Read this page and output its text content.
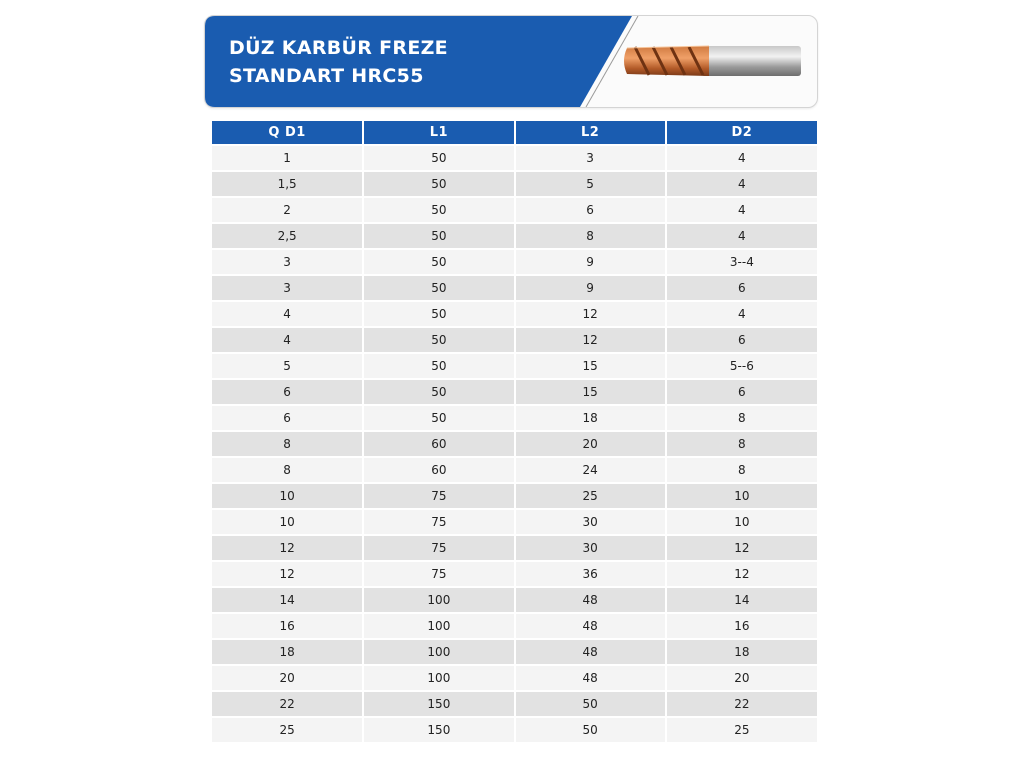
DÜZ KARBÜR FREZE
STANDART HRC55
Q D1	L1	L2	D2
1	50	3	4
1,5	50	5	4
2	50	6	4
2,5	50	8	4
3	50	9	3--4
3	50	9	6
4	50	12	4
4	50	12	6
5	50	15	5--6
6	50	15	6
6	50	18	8
8	60	20	8
8	60	24	8
10	75	25	10
10	75	30	10
12	75	30	12
12	75	36	12
14	100	48	14
16	100	48	16
18	100	48	18
20	100	48	20
22	150	50	22
25	150	50	25
